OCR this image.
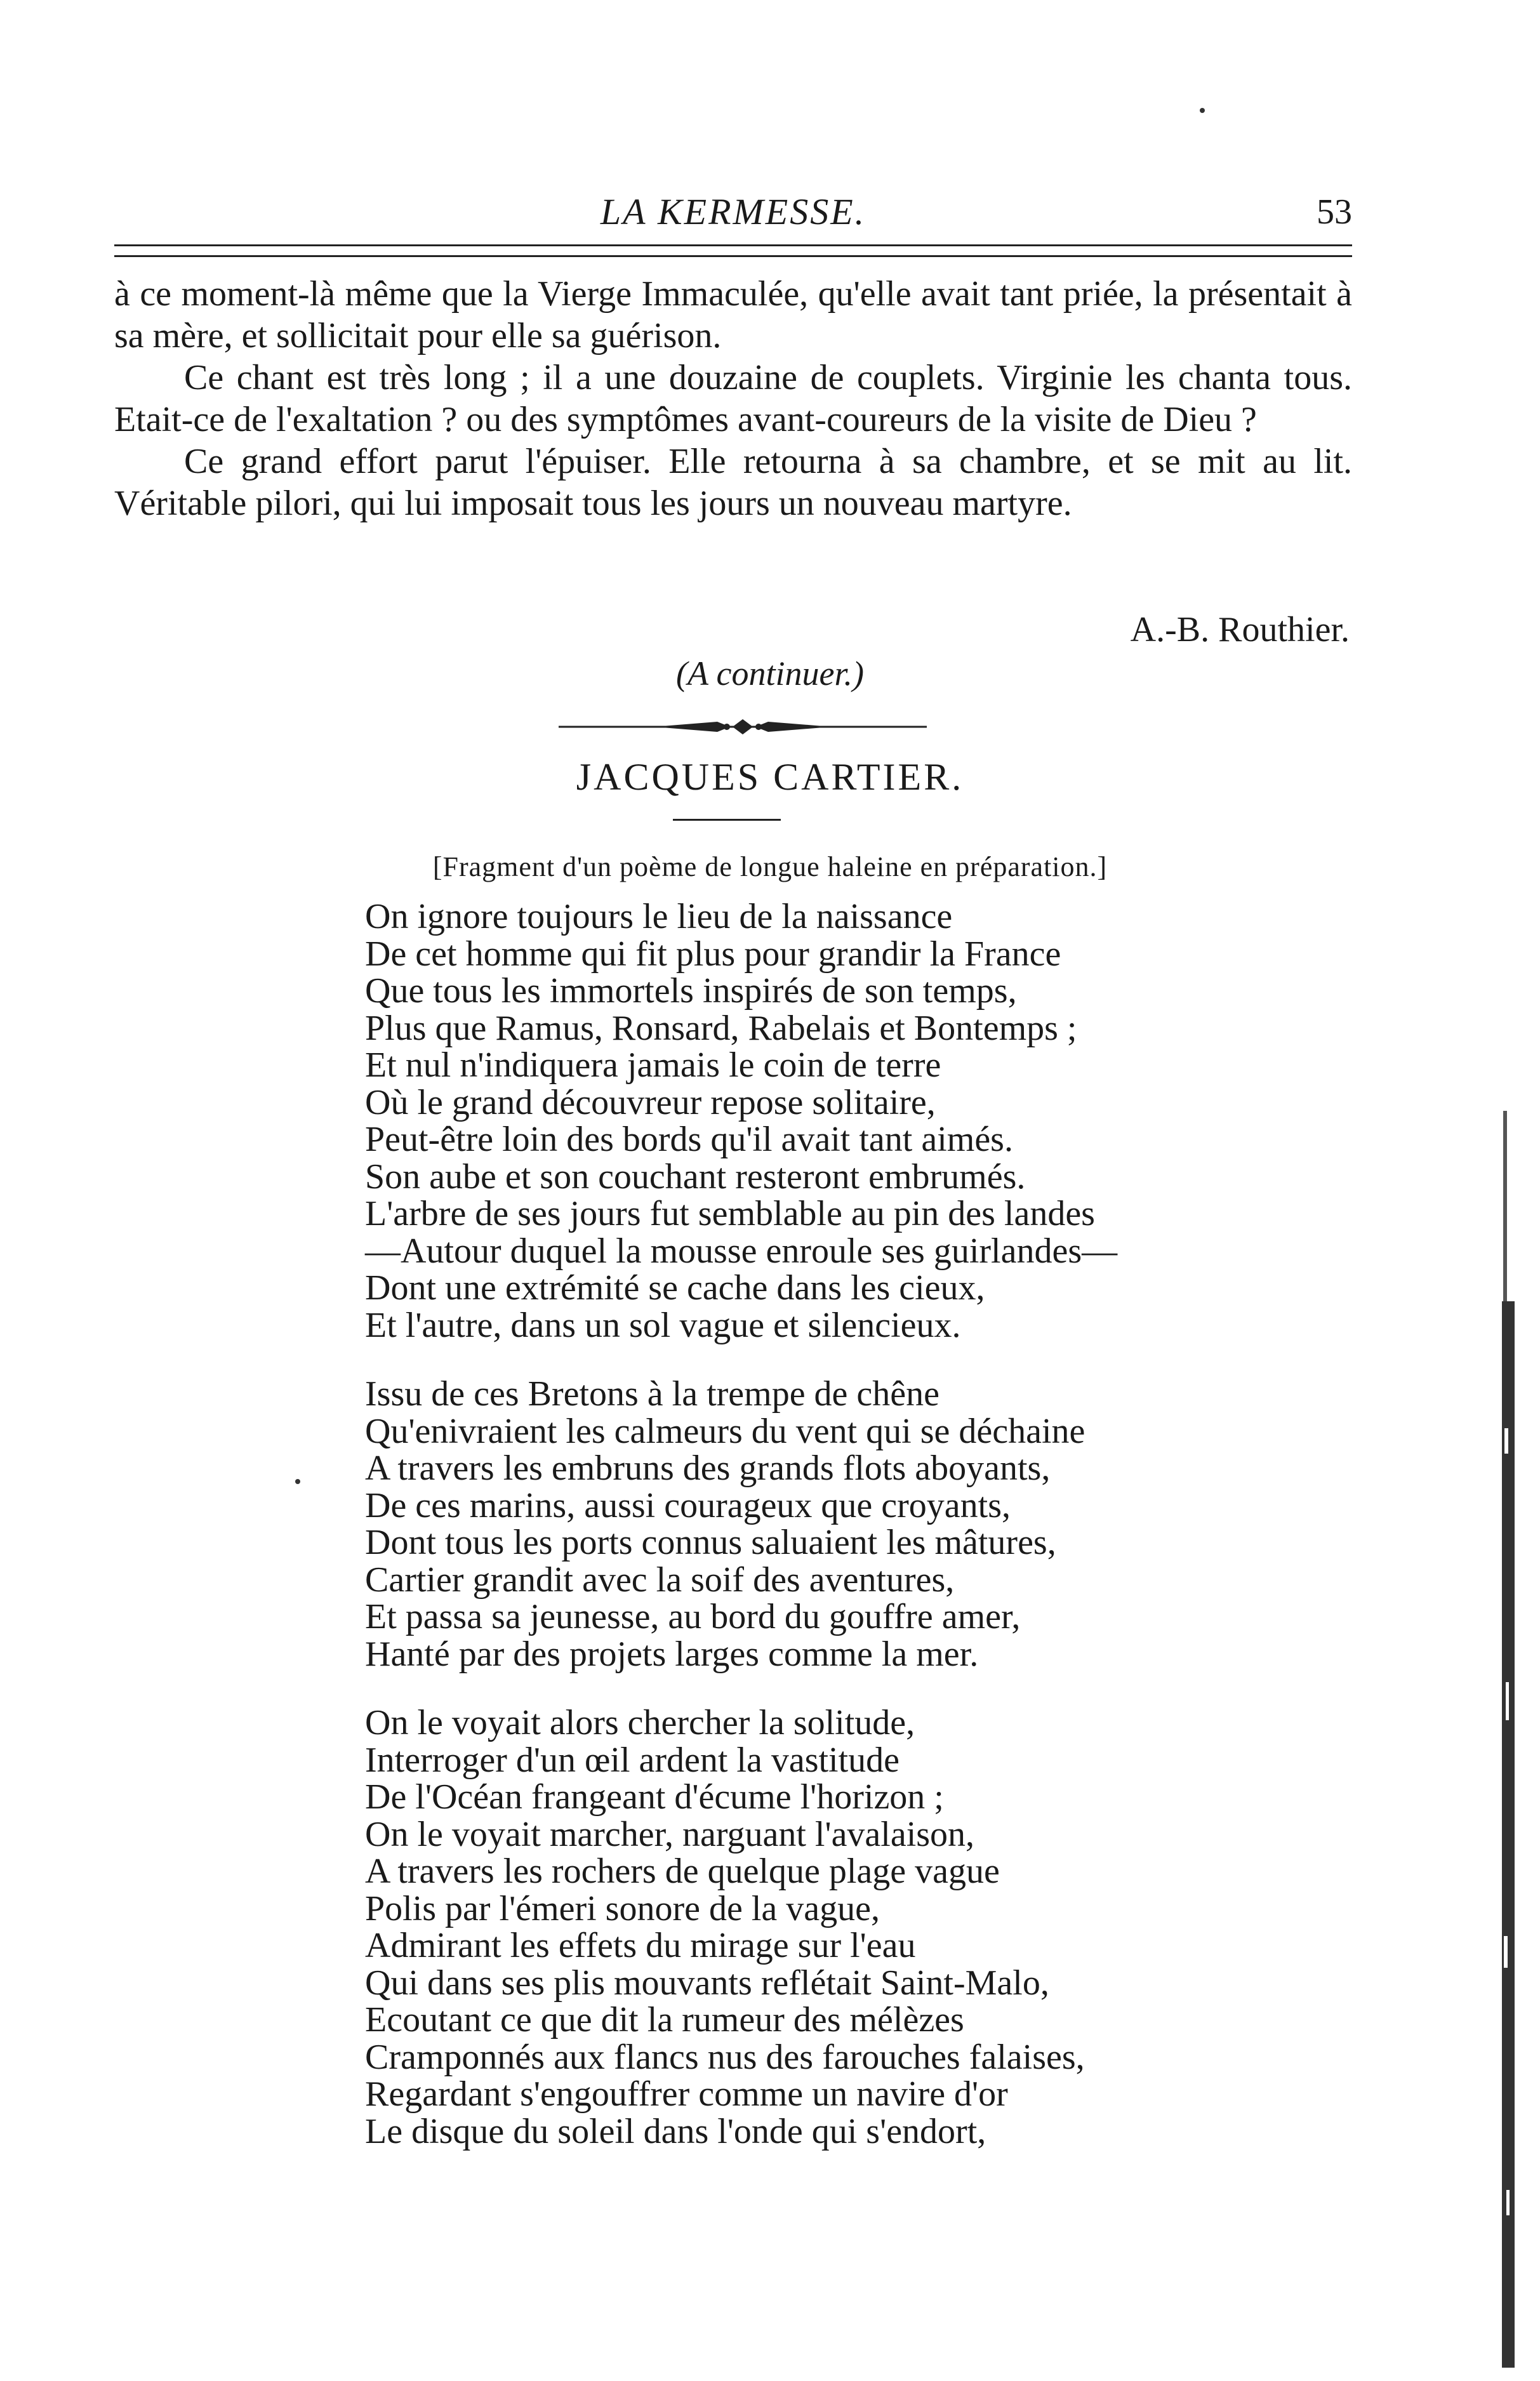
LA KERMESSE.	53

à ce moment-là même que la Vierge Immaculée, qu'elle avait tant priée, la présentait à sa mère, et sollicitait pour elle sa guérison.

Ce chant est très long ; il a une douzaine de couplets. Virginie les chanta tous. Etait-ce de l'exaltation ? ou des symptômes avant-coureurs de la visite de Dieu ?

Ce grand effort parut l'épuiser. Elle retourna à sa chambre, et se mit au lit. Véritable pilori, qui lui imposait tous les jours un nouveau martyre.

A.-B. Routhier.
(A continuer.)
JACQUES CARTIER.
[Fragment d'un poème de longue haleine en préparation.]
On ignore toujours le lieu de la naissance
De cet homme qui fit plus pour grandir la France
Que tous les immortels inspirés de son temps,
Plus que Ramus, Ronsard, Rabelais et Bontemps ;
Et nul n'indiquera jamais le coin de terre
Où le grand découvreur repose solitaire,
Peut-être loin des bords qu'il avait tant aimés.
Son aube et son couchant resteront embrumés.
L'arbre de ses jours fut semblable au pin des landes
—Autour duquel la mousse enroule ses guirlandes—
Dont une extrémité se cache dans les cieux,
Et l'autre, dans un sol vague et silencieux.
Issu de ces Bretons à la trempe de chêne
Qu'enivraient les calmeurs du vent qui se déchaine
A travers les embruns des grands flots aboyants,
De ces marins, aussi courageux que croyants,
Dont tous les ports connus saluaient les mâtures,
Cartier grandit avec la soif des aventures,
Et passa sa jeunesse, au bord du gouffre amer,
Hanté par des projets larges comme la mer.
On le voyait alors chercher la solitude,
Interroger d'un œil ardent la vastitude
De l'Océan frangeant d'écume l'horizon ;
On le voyait marcher, narguant l'avalaison,
A travers les rochers de quelque plage vague
Polis par l'émeri sonore de la vague,
Admirant les effets du mirage sur l'eau
Qui dans ses plis mouvants reflétait Saint-Malo,
Ecoutant ce que dit la rumeur des mélèzes
Cramponnés aux flancs nus des farouches falaises,
Regardant s'engouffrer comme un navire d'or
Le disque du soleil dans l'onde qui s'endort,
